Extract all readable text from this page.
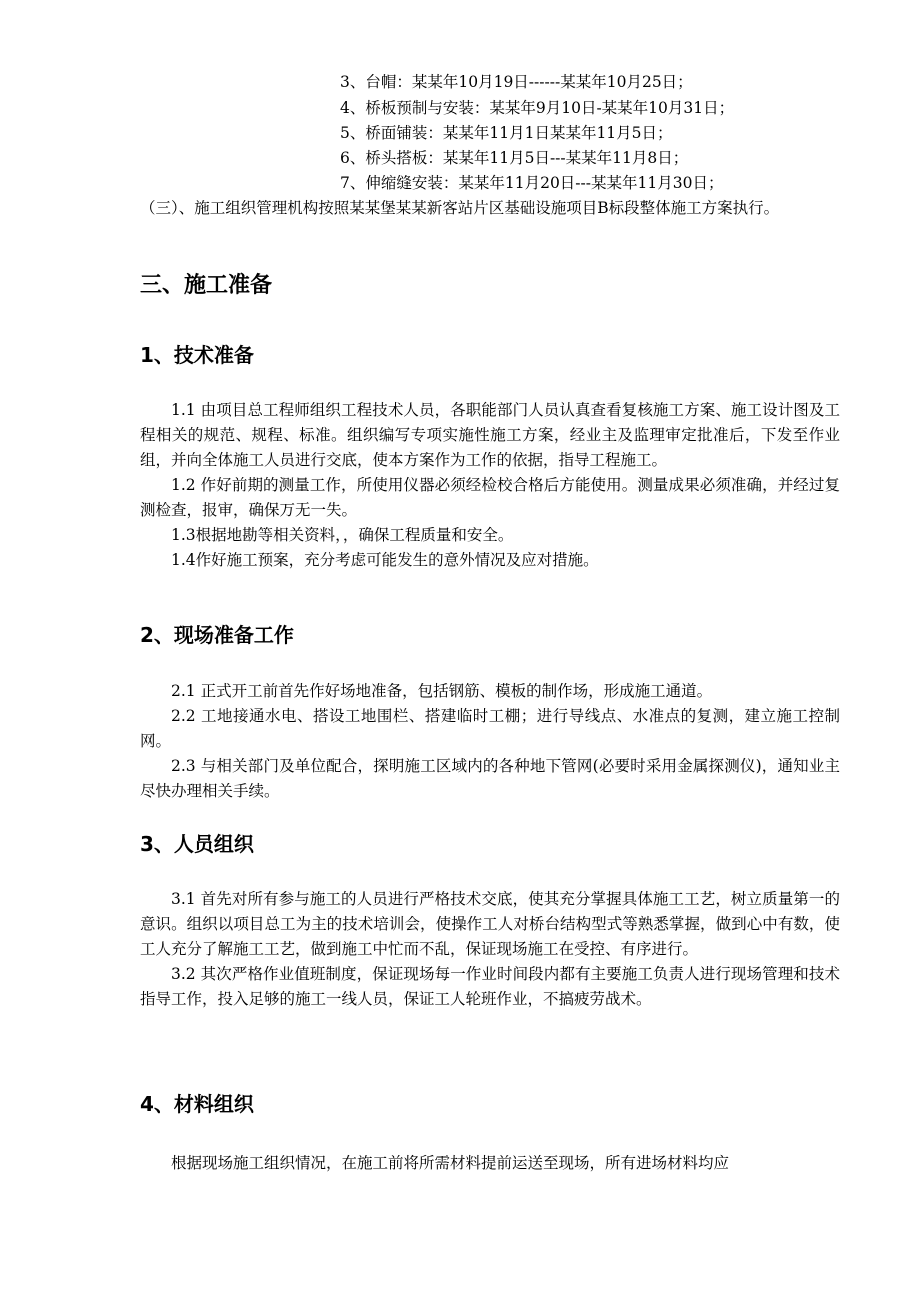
3、台帽：某某年10月19日------某某年10月25日；

4、桥板预制与安装：某某年9月10日-某某年10月31日；

5、桥面铺装：某某年11月1日某某年11月5日；

6、桥头搭板：某某年11月5日---某某年11月8日；

7、伸缩缝安装：某某年11月20日---某某年11月30日；

（三）、施工组织管理机构按照某某堡某某新客站片区基础设施项目B标段整体施工方案执行。

三、施工准备
1、技术准备

1.1 由项目总工程师组织工程技术人员，各职能部门人员认真查看复核施工方案、施工设计图及工程相关的规范、规程、标准。组织编写专项实施性施工方案，经业主及监理审定批准后，下发至作业组，并向全体施工人员进行交底，使本方案作为工作的依据，指导工程施工。

1.2 作好前期的测量工作，所使用仪器必须经检校合格后方能使用。测量成果必须准确，并经过复测检查，报审，确保万无一失。

1.3根据地勘等相关资料，，确保工程质量和安全。

1.4作好施工预案，充分考虑可能发生的意外情况及应对措施。

2、现场准备工作

2.1 正式开工前首先作好场地准备，包括钢筋、模板的制作场，形成施工通道。

2.2 工地接通水电、搭设工地围栏、搭建临时工棚；进行导线点、水准点的复测，建立施工控制网。

2.3 与相关部门及单位配合，探明施工区域内的各种地下管网(必要时采用金属探测仪)，通知业主尽快办理相关手续。

3、人员组织

3.1 首先对所有参与施工的人员进行严格技术交底，使其充分掌握具体施工工艺，树立质量第一的意识。组织以项目总工为主的技术培训会，使操作工人对桥台结构型式等熟悉掌握，做到心中有数，使工人充分了解施工工艺，做到施工中忙而不乱，保证现场施工在受控、有序进行。

3.2 其次严格作业值班制度，保证现场每一作业时间段内都有主要施工负责人进行现场管理和技术指导工作，投入足够的施工一线人员，保证工人轮班作业，不搞疲劳战术。

4、材料组织

根据现场施工组织情况，在施工前将所需材料提前运送至现场，所有进场材料均应
